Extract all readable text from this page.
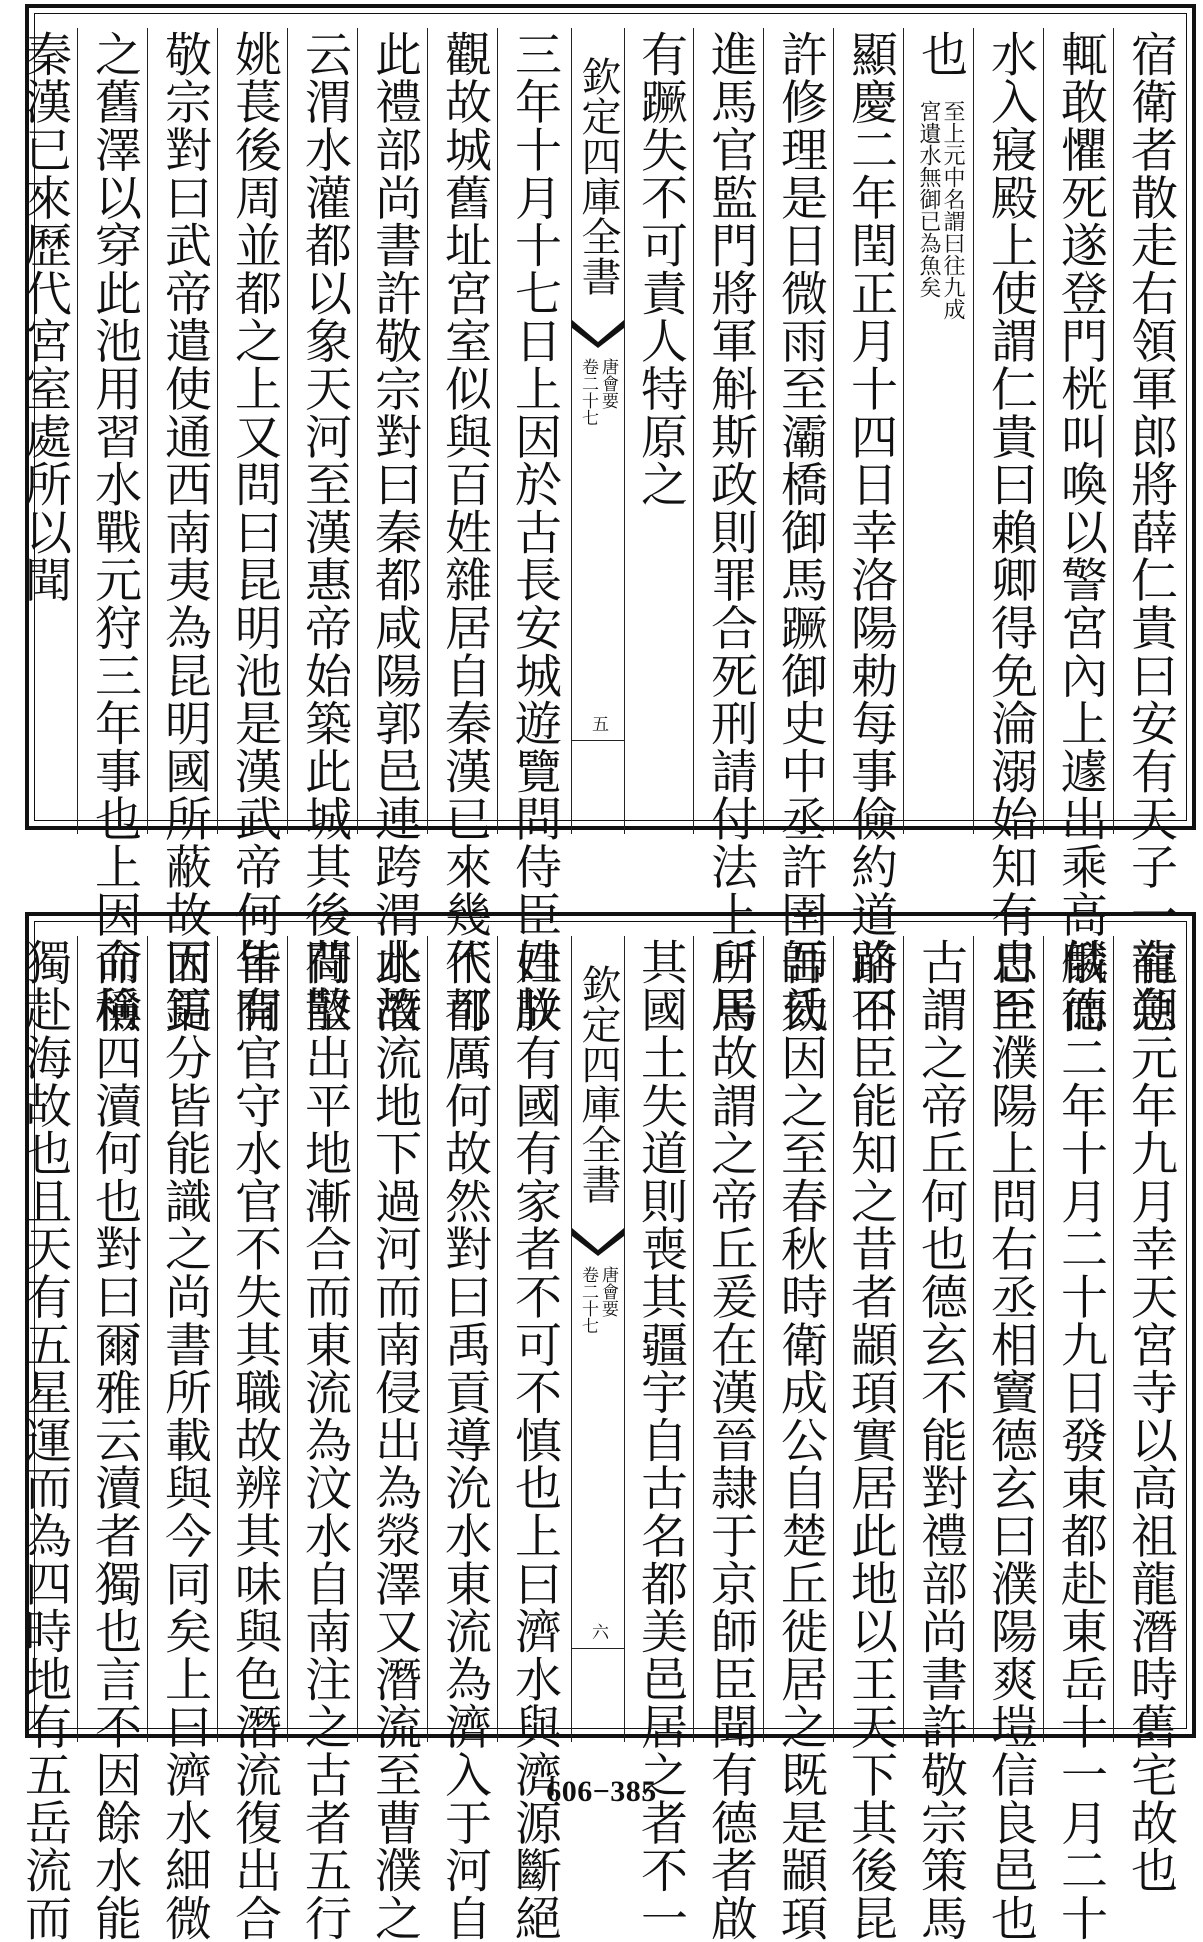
宿衛者散走右領軍郎將薛仁貴曰安有天子一有急
輒敢懼死遂登門桄叫喚以警宮內上遽出乘高俄而
水入寢殿上使謂仁貴曰賴卿得免淪溺始知有忠臣
也
至上元中名謂曰往九成
宮遺水無御已為魚矣
顯慶二年閏正月十四日幸洛陽勅每事儉約道路不
許修理是日微雨至灞橋御馬蹶御史中丞許圉師劾
進馬官監門將軍斛斯政則罪合死刑請付法上曰馬
有蹶失不可責人特原之
欽定四庫全書
唐會要
卷二十七
五
三年十月十七日上因於古長安城遊覽問侍臣曰朕
觀故城舊址宮室似與百姓雜居自秦漢已來幾代都
此禮部尚書許敬宗對曰秦都咸陽郭邑連跨渭水故
云渭水灌都以象天河至漢惠帝始築此城其後苻堅
姚萇後周並都之上又問曰昆明池是漢武帝何年開
敬宗對曰武帝遣使通西南夷為昆明國所蔽故因鎬
之舊澤以穿此池用習水戰元狩三年事也上因命檢
秦漢已來歷代宮室處所以聞
龍朔元年九月幸天宮寺以高祖龍潛時舊宅故也
麟德二年十月二十九日發東都赴東岳十一月二十
日至濮陽上問右丞相竇德玄曰濮陽爽塏信良邑也
古謂之帝丘何也德玄不能對禮部尚書許敬宗策馬
前曰臣能知之昔者顓頊實居此地以王天下其後昆
吾氏因之至春秋時衛成公自楚丘徙居之既是顓頊
所居故謂之帝丘爰在漢晉隷于京師臣聞有德者啟
其國土失道則喪其疆宇自古名都美邑居之者不一
欽定四庫全書
唐會要
卷二十七
六
姓故有國有家者不可不慎也上曰濟水與濟源斷絕
不可厲何故然對曰禹貢導沇水東流為濟入于河自
此潛流地下過河而南侵出為滎澤又潛流至曹濮之
間散出平地漸合而東流為汶水自南注之古者五行
皆有官守水官不失其職故辨其味與色潛流復出合
而更分皆能識之尚書所載與今同矣上曰濟水細微
而稱四瀆何也對曰爾雅云瀆者獨也言不因餘水能
獨赴海故也且天有五星運而為四時地有五岳流而	606−385
